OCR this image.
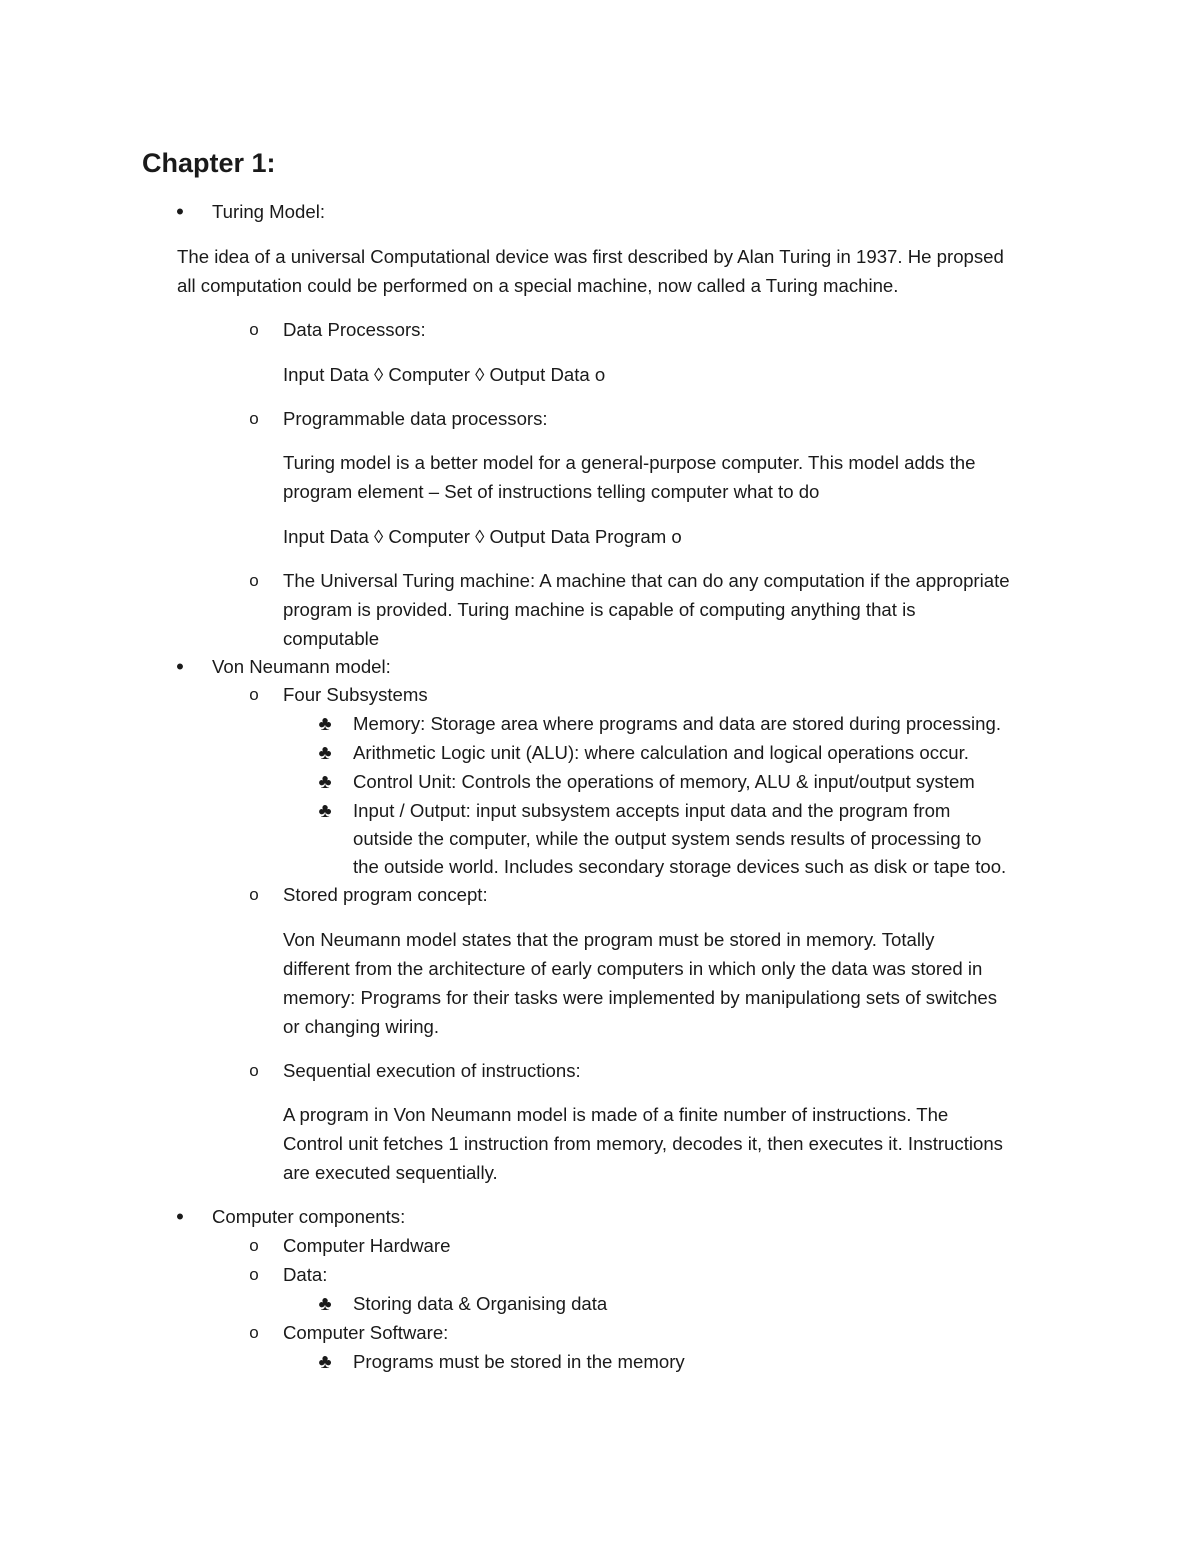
Chapter 1:
•	Turing Model:
The idea of a universal Computational device was first described by Alan Turing in 1937. He propsed
all computation could be performed on a special machine, now called a Turing machine.
o Data Processors:
Input Data ◊ Computer ◊ Output Data o
o Programmable data processors:
Turing model is a better model for a general-purpose computer. This model adds the
program element – Set of instructions telling computer what to do
Input Data ◊ Computer ◊ Output Data Program o
o The Universal Turing machine: A machine that can do any computation if the appropriate
program is provided. Turing machine is capable of computing anything that is
computable
•	Von Neumann model:
o Four Subsystems
♣ Memory: Storage area where programs and data are stored during processing.
♣ Arithmetic Logic unit (ALU): where calculation and logical operations occur.
♣ Control Unit: Controls the operations of memory, ALU & input/output system
♣ Input / Output: input subsystem accepts input data and the program from
outside the computer, while the output system sends results of processing to
the outside world. Includes secondary storage devices such as disk or tape too.
o Stored program concept:
Von Neumann model states that the program must be stored in memory. Totally
different from the architecture of early computers in which only the data was stored in
memory: Programs for their tasks were implemented by manipulationg sets of switches
or changing wiring.
o Sequential execution of instructions:
A program in Von Neumann model is made of a finite number of instructions. The
Control unit fetches 1 instruction from memory, decodes it, then executes it. Instructions
are executed sequentially.
•	Computer components:
o Computer Hardware
o Data:
♣ Storing data & Organising data
o Computer Software:
♣ Programs must be stored in the memory
